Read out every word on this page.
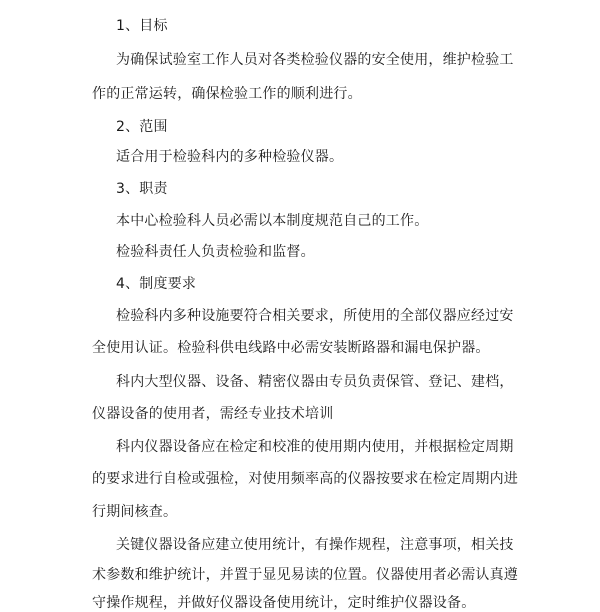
1、目标
为确保试验室工作人员对各类检验仪器的安全使用，维护检验工
作的正常运转，确保检验工作的顺利进行。
2、范围
适合用于检验科内的多种检验仪器。
3、职责
本中心检验科人员必需以本制度规范自己的工作。
检验科责任人负责检验和监督。
4、制度要求
检验科内多种设施要符合相关要求，所使用的全部仪器应经过安
全使用认证。检验科供电线路中必需安装断路器和漏电保护器。
科内大型仪器、设备、精密仪器由专员负责保管、登记、建档，
仪器设备的使用者，需经专业技术培训
科内仪器设备应在检定和校准的使用期内使用，并根据检定周期
的要求进行自检或强检，对使用频率高的仪器按要求在检定周期内进
行期间核查。
关键仪器设备应建立使用统计，有操作规程，注意事项，相关技
术参数和维护统计，并置于显见易读的位置。仪器使用者必需认真遵
守操作规程，并做好仪器设备使用统计，定时维护仪器设备。
